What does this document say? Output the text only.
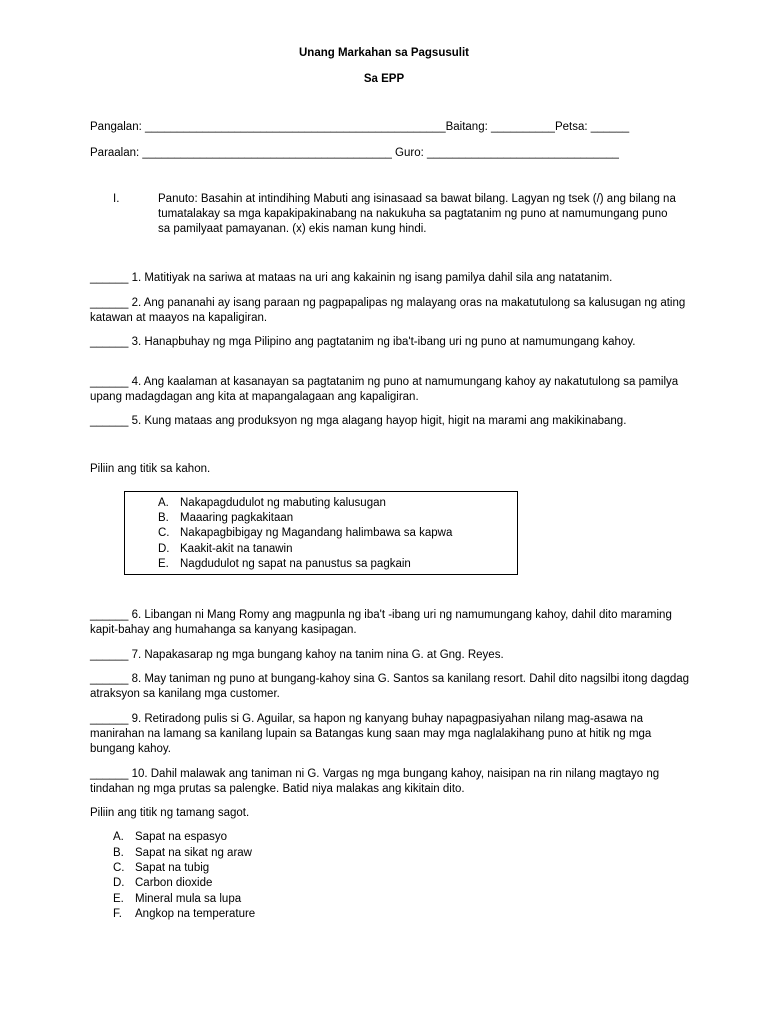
Unang Markahan sa Pagsusulit
Sa EPP
Pangalan: _______________________________________________Baitang: __________Petsa: ______
Paraalan: _______________________________________ Guro: ______________________________
I.	Panuto: Basahin at intindihing Mabuti ang isinasaad sa bawat bilang. Lagyan ng tsek (/) ang bilang na tumatalakay sa mga kapakipakinabang na nakukuha sa pagtatanim ng puno at namumungang puno sa pamilyaat pamayanan. (x) ekis naman kung hindi.
______ 1. Matitiyak na sariwa at mataas na uri ang kakainin ng isang pamilya dahil sila ang natatanim.
______ 2. Ang pananahi ay isang paraan ng pagpapalipas ng malayang oras na makatutulong sa kalusugan ng ating katawan at maayos na kapaligiran.
______ 3. Hanapbuhay ng mga Pilipino ang pagtatanim ng iba't-ibang uri ng puno at namumungang kahoy.
______ 4. Ang kaalaman at kasanayan sa pagtatanim ng puno at namumungang kahoy ay nakatutulong sa pamilya upang madagdagan ang kita at mapangalagaan ang kapaligiran.
______ 5. Kung mataas ang produksyon ng mga alagang hayop higit, higit na marami ang makikinabang.
Piliin ang titik sa kahon.
A. Nakapagdudulot ng mabuting kalusugan
B. Maaaring pagkakitaan
C. Nakapagbibigay ng Magandang halimbawa sa kapwa
D. Kaakit-akit na tanawin
E. Nagdudulot ng sapat na panustus sa pagkain
______ 6. Libangan ni Mang Romy ang magpunla ng iba't -ibang uri ng namumungang kahoy, dahil dito maraming kapit-bahay ang humahanga sa kanyang kasipagan.
______ 7. Napakasarap ng mga bungang kahoy na tanim nina G. at Gng. Reyes.
______ 8. May taniman ng puno at bungang-kahoy sina G. Santos sa kanilang resort. Dahil dito nagsilbi itong dagdag atraksyon sa kanilang mga customer.
______ 9. Retiradong pulis si G. Aguilar, sa hapon ng kanyang buhay napagpasiyahan nilang mag-asawa na manirahan na lamang sa kanilang lupain sa Batangas kung saan may mga naglalakihang puno at hitik ng mga bungang kahoy.
______ 10. Dahil malawak ang taniman ni G. Vargas ng mga bungang kahoy, naisipan na rin nilang magtayo ng tindahan ng mga prutas sa palengke. Batid niya malakas ang kikitain dito.
Piliin ang titik ng tamang sagot.
A. Sapat na espasyo
B. Sapat na sikat ng araw
C. Sapat na tubig
D. Carbon dioxide
E. Mineral mula sa lupa
F. Angkop na temperature
